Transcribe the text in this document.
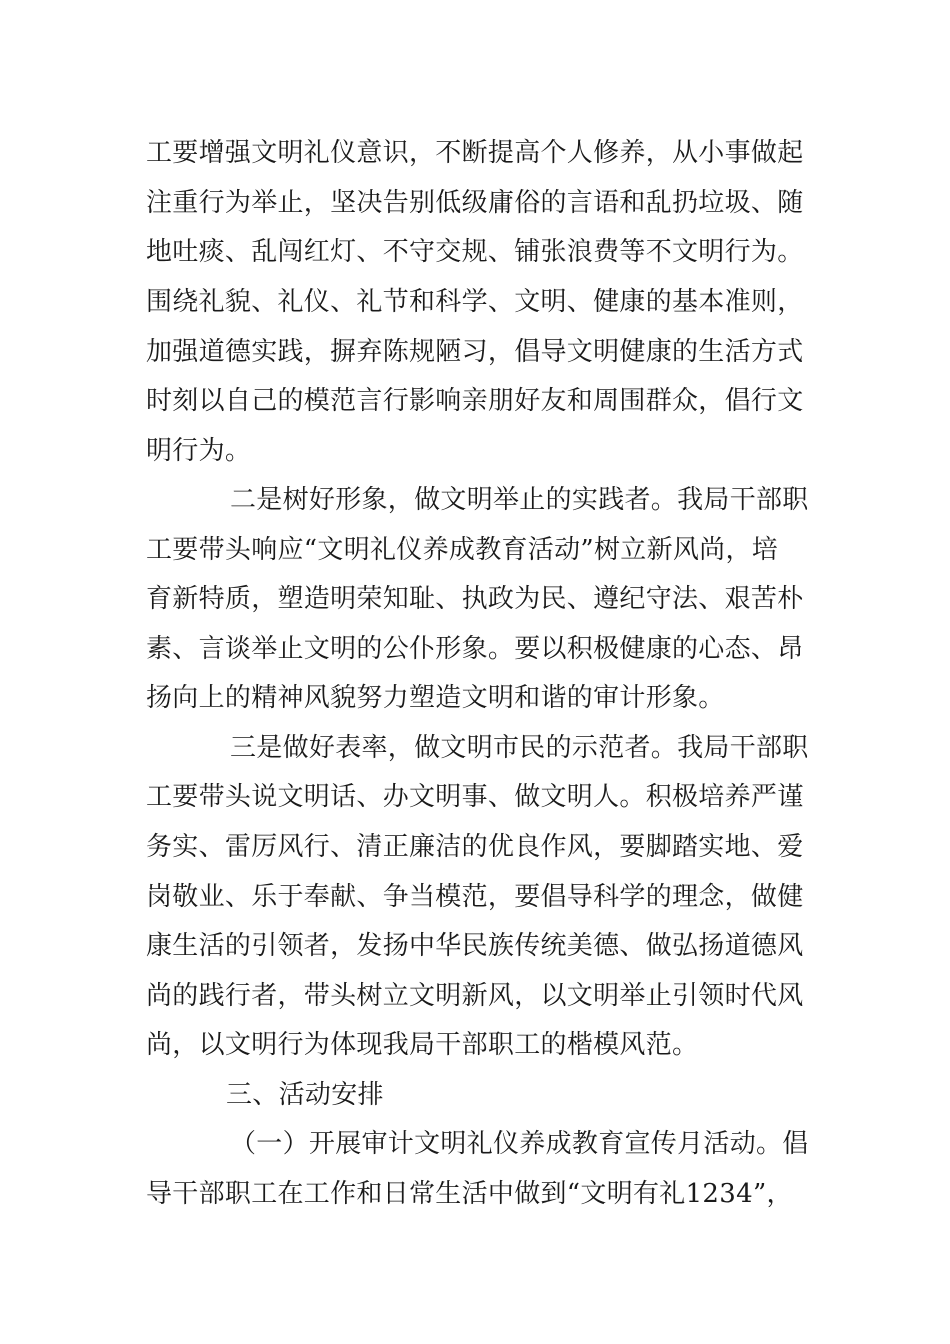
工要增强文明礼仪意识，不断提高个人修养，从小事做起
注重行为举止，坚决告别低级庸俗的言语和乱扔垃圾、随
地吐痰、乱闯红灯、不守交规、铺张浪费等不文明行为。
围绕礼貌、礼仪、礼节和科学、文明、健康的基本准则，
加强道德实践，摒弃陈规陋习，倡导文明健康的生活方式
时刻以自己的模范言行影响亲朋好友和周围群众，倡行文
明行为。
二是树好形象，做文明举止的实践者。我局干部职
工要带头响应“文明礼仪养成教育活动”树立新风尚，培
育新特质，塑造明荣知耻、执政为民、遵纪守法、艰苦朴
素、言谈举止文明的公仆形象。要以积极健康的心态、昂
扬向上的精神风貌努力塑造文明和谐的审计形象。
三是做好表率，做文明市民的示范者。我局干部职
工要带头说文明话、办文明事、做文明人。积极培养严谨
务实、雷厉风行、清正廉洁的优良作风，要脚踏实地、爱
岗敬业、乐于奉献、争当模范，要倡导科学的理念，做健
康生活的引领者，发扬中华民族传统美德、做弘扬道德风
尚的践行者，带头树立文明新风，以文明举止引领时代风
尚，以文明行为体现我局干部职工的楷模风范。
三、活动安排
（一）开展审计文明礼仪养成教育宣传月活动。倡
导干部职工在工作和日常生活中做到“文明有礼1234”，
